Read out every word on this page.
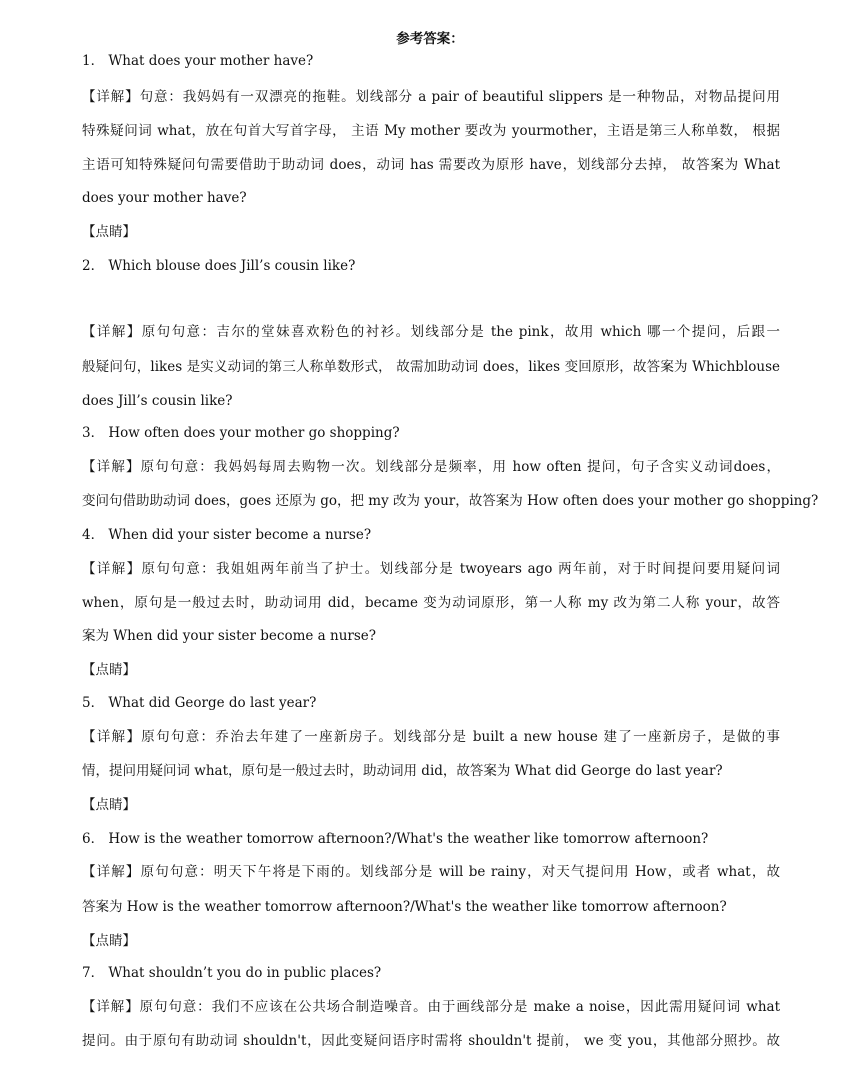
参考答案：
1． What does your mother have?
【详解】句意：我妈妈有一双漂亮的拖鞋。划线部分 a pair of beautiful slippers 是一种物品，对物品提问用
特殊疑问词 what，放在句首大写首字母， 主语 My mother 要改为 yourmother，主语是第三人称单数， 根据
主语可知特殊疑问句需要借助于助动词 does，动词 has 需要改为原形 have，划线部分去掉， 故答案为 What
does your mother have?
【点睛】
2． Which blouse does Jill’s cousin like?
【详解】原句句意：吉尔的堂妹喜欢粉色的衬衫。划线部分是 the pink，故用 which 哪一个提问，后跟一
般疑问句，likes 是实义动词的第三人称单数形式， 故需加助动词 does，likes 变回原形，故答案为 Whichblouse
does Jill’s cousin like?
3． How often does your mother go shopping?
【详解】原句句意：我妈妈每周去购物一次。划线部分是频率，用 how often 提问，句子含实义动词does，
变问句借助助动词 does，goes 还原为 go，把 my 改为 your，故答案为 How often does your mother go shopping?
4． When did your sister become a nurse?
【详解】原句句意：我姐姐两年前当了护士。划线部分是 twoyears ago 两年前，对于时间提问要用疑问词
when，原句是一般过去时，助动词用 did，became 变为动词原形，第一人称 my 改为第二人称 your，故答
案为 When did your sister become a nurse?
【点睛】
5． What did George do last year?
【详解】原句句意：乔治去年建了一座新房子。划线部分是 built a new house 建了一座新房子，是做的事
情，提问用疑问词 what，原句是一般过去时，助动词用 did，故答案为 What did George do last year?
【点睛】
6． How is the weather tomorrow afternoon?/What's the weather like tomorrow afternoon?
【详解】原句句意：明天下午将是下雨的。划线部分是 will be rainy，对天气提问用 How，或者 what，故
答案为 How is the weather tomorrow afternoon?/What's the weather like tomorrow afternoon?
【点睛】
7． What shouldn’t you do in public places?
【详解】原句句意：我们不应该在公共场合制造噪音。由于画线部分是 make a noise，因此需用疑问词 what
提问。由于原句有助动词 shouldn't，因此变疑问语序时需将 shouldn't 提前， we 变 you，其他部分照抄。故
